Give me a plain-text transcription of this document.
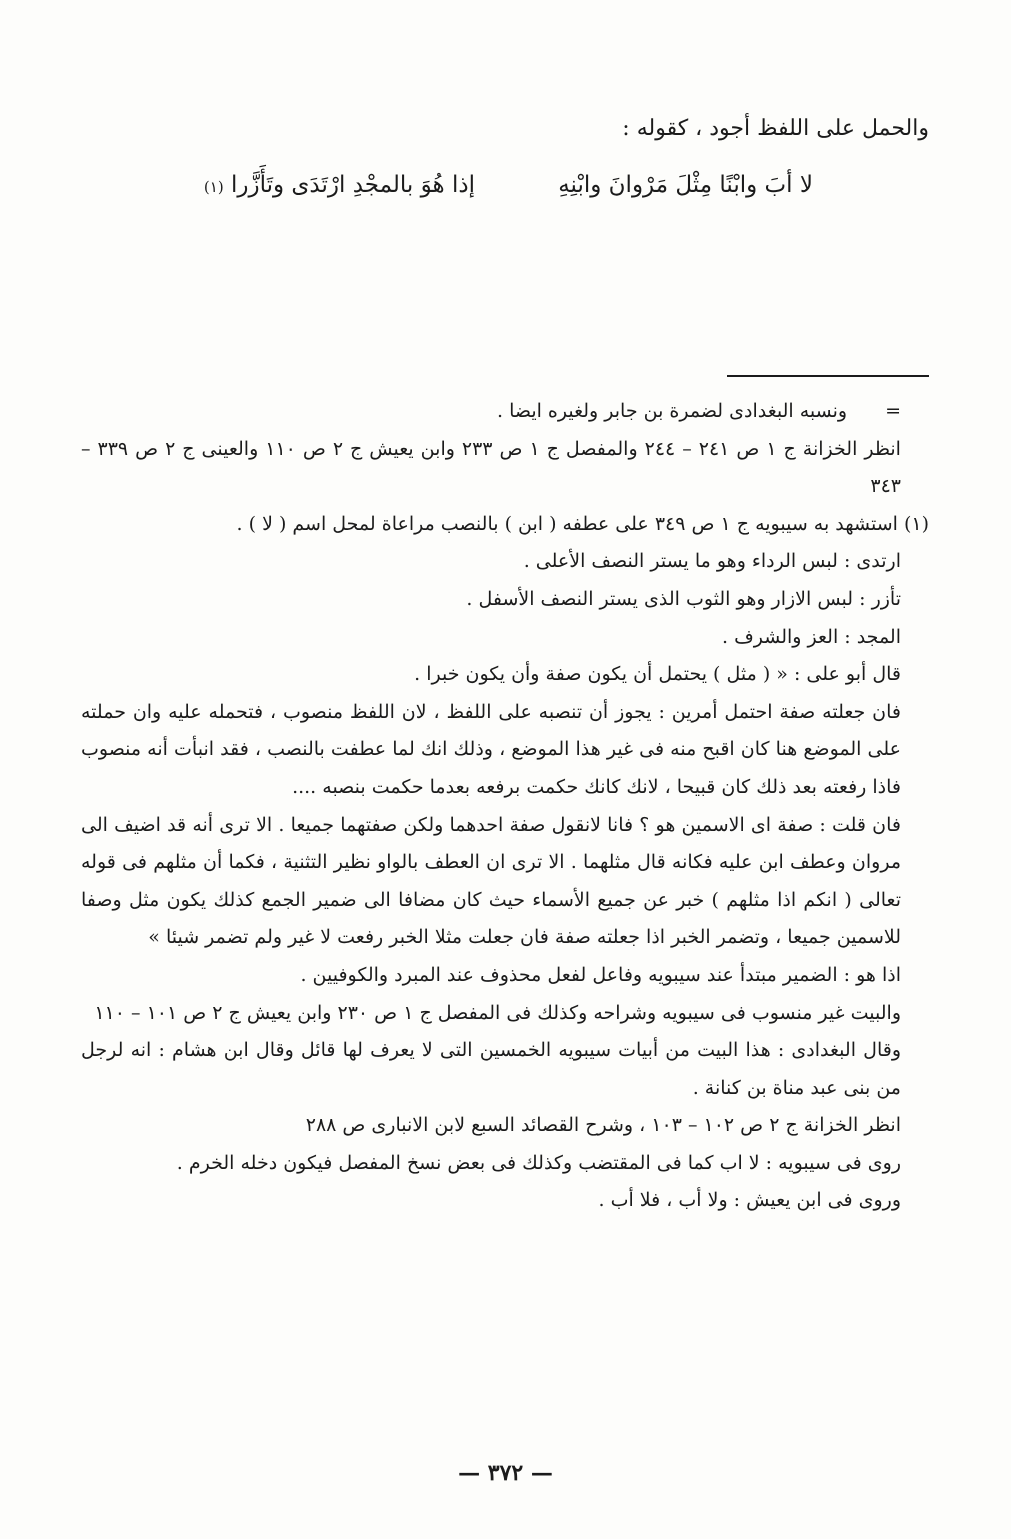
والحمل على اللفظ أجود ، كقوله :
لا أبَ وابْنًا مِثْلَ مَرْوانَ وابْنِهِ
إذا هُوَ بالمجْدِ ارْتَدَى وتَأَزَّرا (١)

=ونسبه البغدادى لضمرة بن جابر ولغيره ايضا .

انظر الخزانة ج ١ ص ٢٤١ – ٢٤٤ والمفصل ج ١ ص ٢٣٣ وابن يعيش ج ٢ ص ١١٠ والعينى ج ٢ ص ٣٣٩ – ٣٤٣

(١) استشهد به سيبويه ج ١ ص ٣٤٩ على عطفه ( ابن ) بالنصب مراعاة لمحل اسم ( لا ) .

ارتدى : لبس الرداء وهو ما يستر النصف الأعلى .

تأزر : لبس الازار وهو الثوب الذى يستر النصف الأسفل .

المجد : العز والشرف .

قال أبو على : « ( مثل ) يحتمل أن يكون صفة وأن يكون خبرا .

فان جعلته صفة احتمل أمرين : يجوز أن تنصبه على اللفظ ، لان اللفظ منصوب ، فتحمله عليه وان حملته على الموضع هنا كان اقبح منه فى غير هذا الموضع ، وذلك انك لما عطفت بالنصب ، فقد انبأت أنه منصوب فاذا رفعته بعد ذلك كان قبيحا ، لانك كانك حكمت برفعه بعدما حكمت بنصبه ....

فان قلت : صفة اى الاسمين هو ؟ فانا لانقول صفة احدهما ولكن صفتهما جميعا . الا ترى أنه قد اضيف الى مروان وعطف ابن عليه فكانه قال مثلهما . الا ترى ان العطف بالواو نظير التثنية ، فكما أن مثلهم فى قوله تعالى ( انكم اذا مثلهم ) خبر عن جميع الأسماء حيث كان مضافا الى ضمير الجمع كذلك يكون مثل وصفا للاسمين جميعا ، وتضمر الخبر اذا جعلته صفة فان جعلت مثلا الخبر رفعت لا غير ولم تضمر شيئا »

اذا هو : الضمير مبتدأ عند سيبويه وفاعل لفعل محذوف عند المبرد والكوفيين .

والبيت غير منسوب فى سيبويه وشراحه وكذلك فى المفصل ج ١ ص ٢٣٠ وابن يعيش ج ٢ ص ١٠١ – ١١٠

وقال البغدادى : هذا البيت من أبيات سيبويه الخمسين التى لا يعرف لها قائل وقال ابن هشام : انه لرجل من بنى عبد مناة بن كنانة .

انظر الخزانة ج ٢ ص ١٠٢ – ١٠٣ ، وشرح القصائد السبع لابن الانبارى ص ٢٨٨

روى فى سيبويه : لا اب كما فى المقتضب وكذلك فى بعض نسخ المفصل فيكون دخله الخرم .

وروى فى ابن يعيش : ولا أب ، فلا أب .

— ٣٧٢ —
